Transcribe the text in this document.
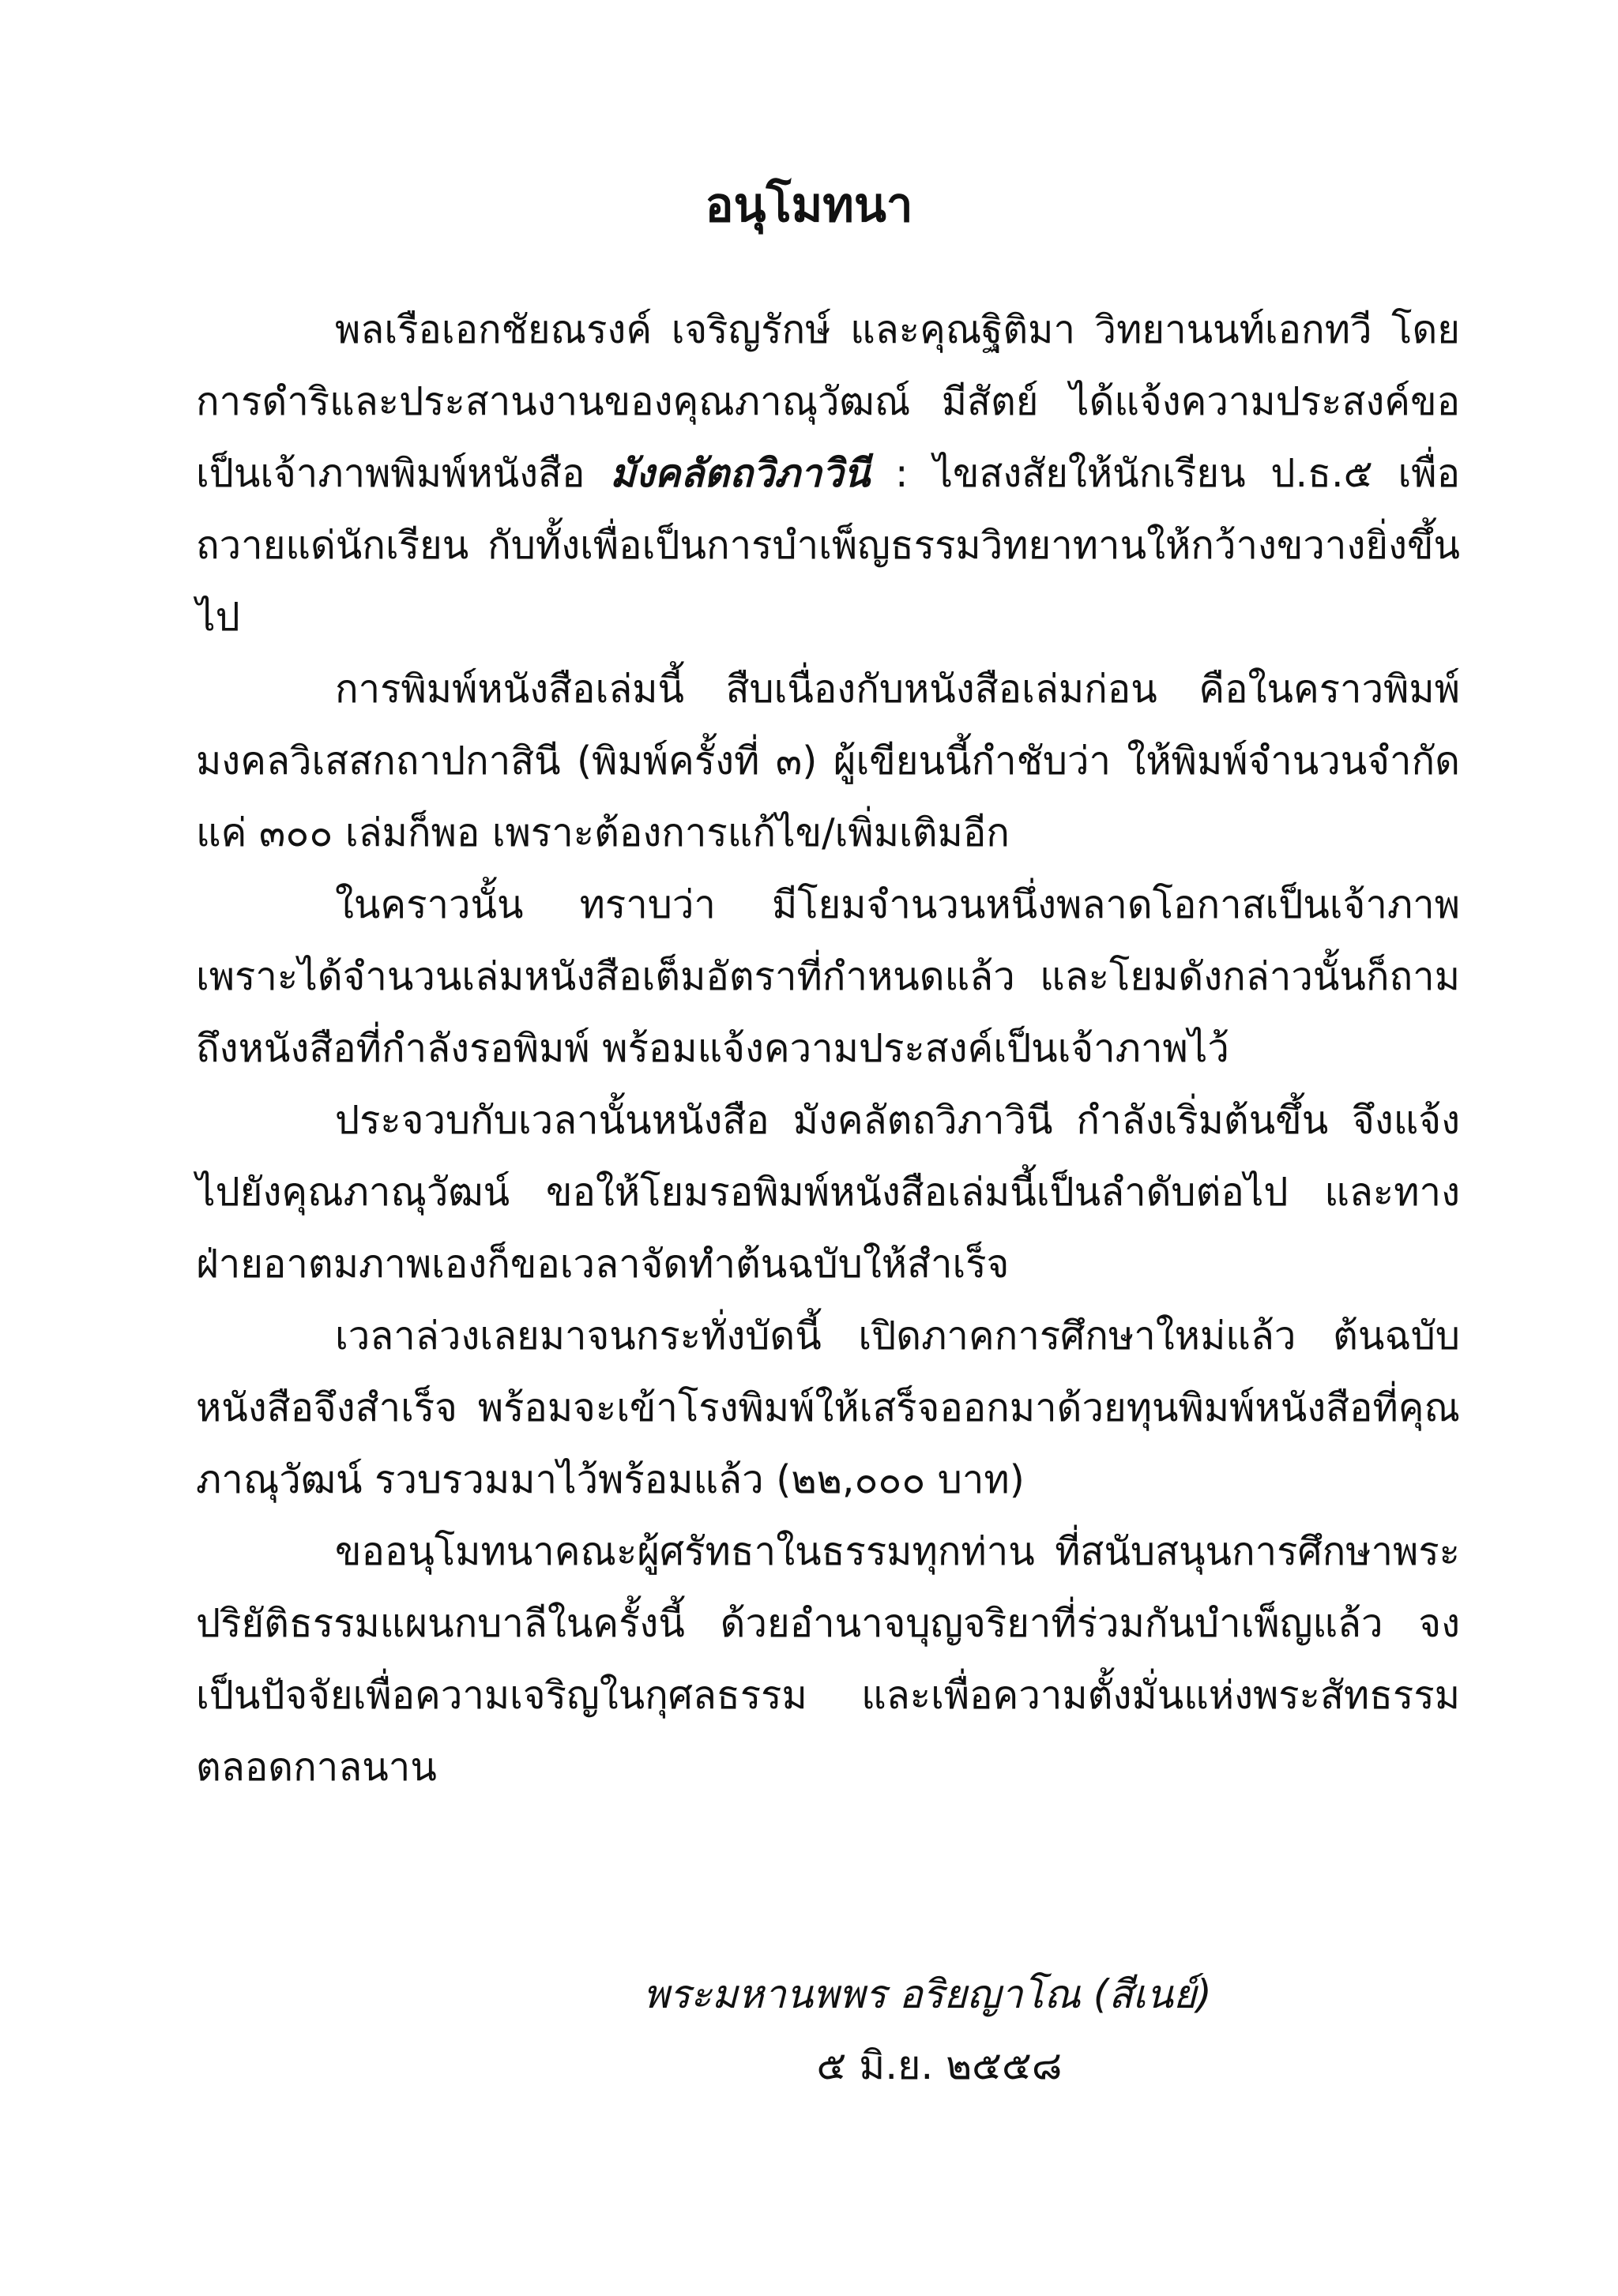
อนุโมทนา

พลเรือเอกชัยณรงค์ เจริญรักษ์ และคุณฐิติมา วิทยานนท์เอกทวี โดยการดำริและประสานงานของคุณภาณุวัฒณ์ มีสัตย์ ได้แจ้งความประสงค์ขอเป็นเจ้าภาพพิมพ์หนังสือ มังคลัตถวิภาวินี : ไขสงสัยให้นักเรียน ป.ธ.๕ เพื่อถวายแด่นักเรียน กับทั้งเพื่อเป็นการบำเพ็ญธรรมวิทยาทานให้กว้างขวางยิ่งขึ้นไป

การพิมพ์หนังสือเล่มนี้ สืบเนื่องกับหนังสือเล่มก่อน คือในคราวพิมพ์มงคลวิเสสกถาปกาสินี (พิมพ์ครั้งที่ ๓) ผู้เขียนนี้กำชับว่า ให้พิมพ์จำนวนจำกัดแค่ ๓๐๐ เล่มก็พอ เพราะต้องการแก้ไข/เพิ่มเติมอีก

ในคราวนั้น ทราบว่า มีโยมจำนวนหนึ่งพลาดโอกาสเป็นเจ้าภาพ เพราะได้จำนวนเล่มหนังสือเต็มอัตราที่กำหนดแล้ว และโยมดังกล่าวนั้นก็ถามถึงหนังสือที่กำลังรอพิมพ์ พร้อมแจ้งความประสงค์เป็นเจ้าภาพไว้

ประจวบกับเวลานั้นหนังสือ มังคลัตถวิภาวินี กำลังเริ่มต้นขึ้น จึงแจ้งไปยังคุณภาณุวัฒน์ ขอให้โยมรอพิมพ์หนังสือเล่มนี้เป็นลำดับต่อไป และทางฝ่ายอาตมภาพเองก็ขอเวลาจัดทำต้นฉบับให้สำเร็จ

เวลาล่วงเลยมาจนกระทั่งบัดนี้ เปิดภาคการศึกษาใหม่แล้ว ต้นฉบับหนังสือจึงสำเร็จ พร้อมจะเข้าโรงพิมพ์ให้เสร็จออกมาด้วยทุนพิมพ์หนังสือที่คุณภาณุวัฒน์ รวบรวมมาไว้พร้อมแล้ว (๒๒,๐๐๐ บาท)

ขออนุโมทนาคณะผู้ศรัทธาในธรรมทุกท่าน ที่สนับสนุนการศึกษาพระปริยัติธรรมแผนกบาลีในครั้งนี้ ด้วยอำนาจบุญจริยาที่ร่วมกันบำเพ็ญแล้ว จงเป็นปัจจัยเพื่อความเจริญในกุศลธรรม และเพื่อความตั้งมั่นแห่งพระสัทธรรมตลอดกาลนาน

พระมหานพพร อริยญาโณ (สีเนย์)
๕ มิ.ย. ๒๕๕๘
